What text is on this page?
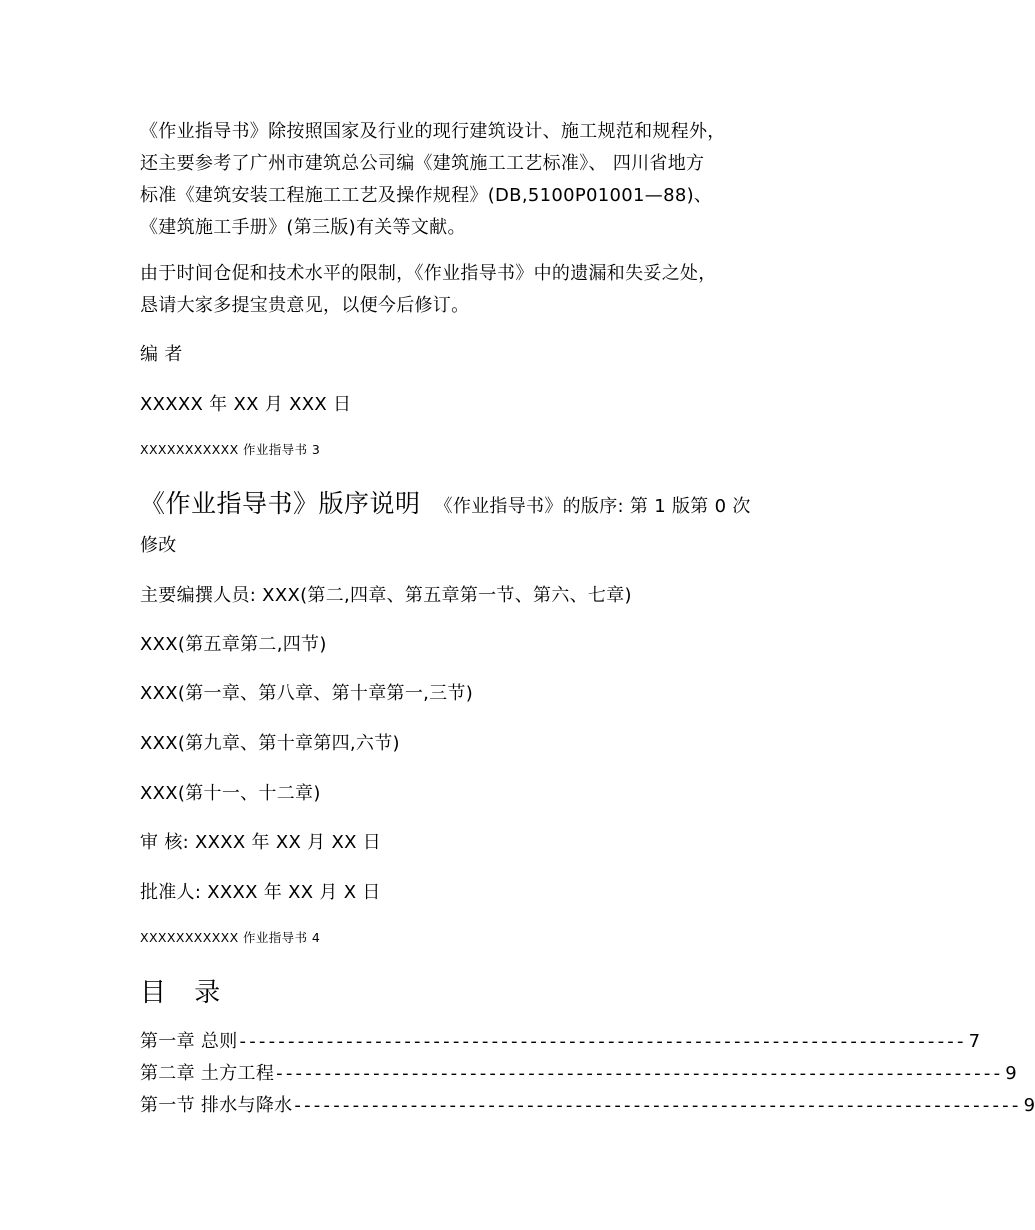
《作业指导书》除按照国家及行业的现行建筑设计、施工规范和规程外，
还主要参考了广州市建筑总公司编《建筑施工工艺标准》、 四川省地方
标准《建筑安装工程施工工艺及操作规程》(DB,5100P01001—88)、
《建筑施工手册》(第三版)有关等文献。
由于时间仓促和技术水平的限制，《作业指导书》中的遗漏和失妥之处，
恳请大家多提宝贵意见，以便今后修订。
编 者
XXXXX 年 XX 月 XXX 日
XXXXXXXXXXX 作业指导书 3
《作业指导书》版序说明 《作业指导书》的版序: 第 1 版第 0 次
修改
主要编撰人员: XXX(第二,四章、第五章第一节、第六、七章)
XXX(第五章第二,四节)
XXX(第一章、第八章、第十章第一,三节)
XXX(第九章、第十章第四,六节)
XXX(第十一、十二章)
审 核: XXXX 年 XX 月 XX 日
批准人: XXXX 年 XX 月 X 日
XXXXXXXXXXX 作业指导书 4
目 录
第一章 总则 --------------------------------------------------------------------------- 7
第二章 土方工程 --------------------------------------------------------------------------- 9
第一节 排水与降水 --------------------------------------------------------------------------- 9
